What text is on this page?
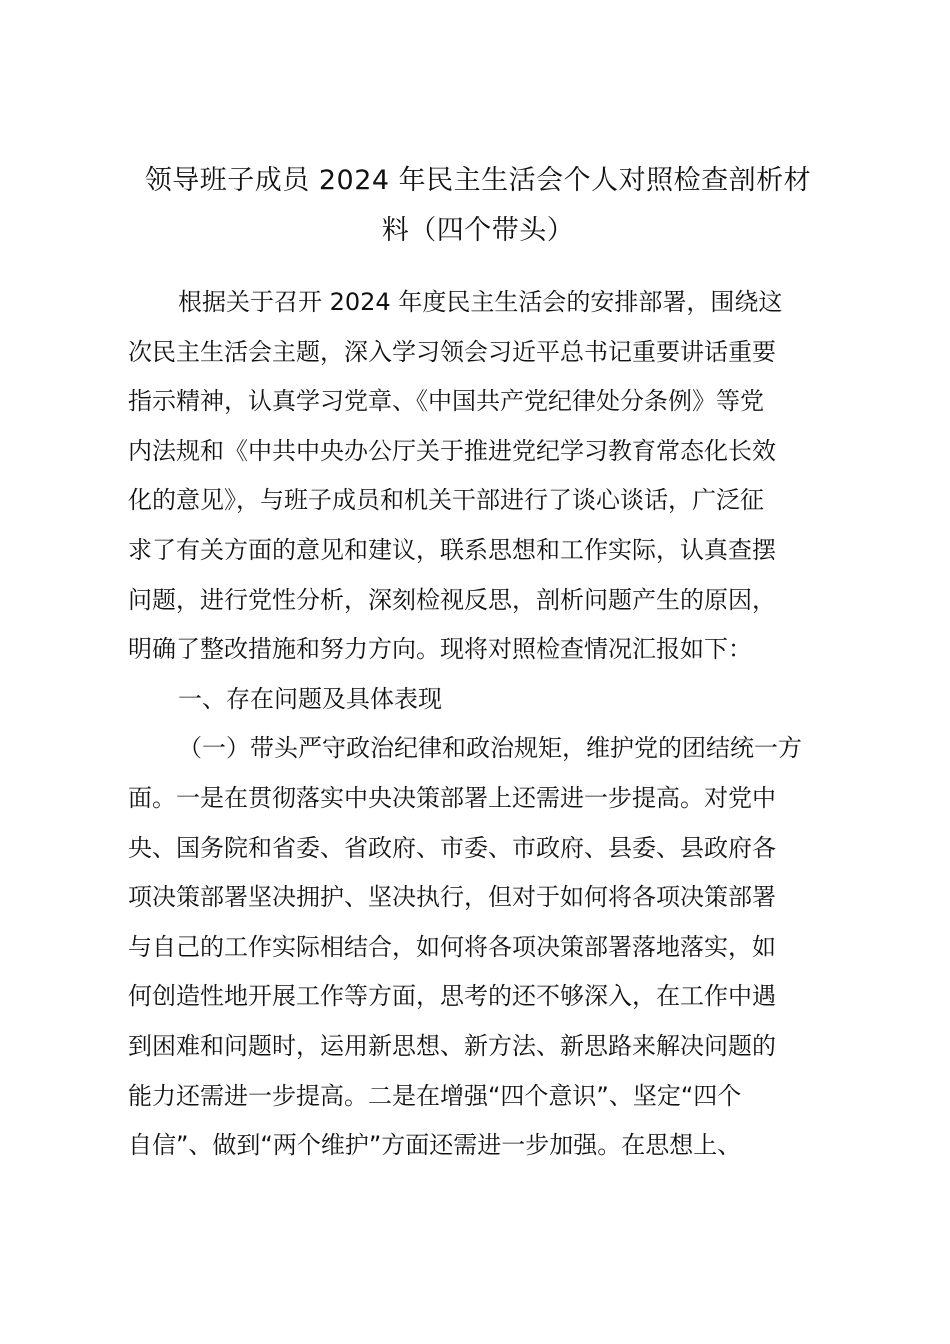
领导班子成员 2024 年民主生活会个人对照检查剖析材
料（四个带头）
根据关于召开 2024 年度民主生活会的安排部署，围绕这
次民主生活会主题，深入学习领会习近平总书记重要讲话重要
指示精神，认真学习党章、《中国共产党纪律处分条例》等党
内法规和《中共中央办公厅关于推进党纪学习教育常态化长效
化的意见》，与班子成员和机关干部进行了谈心谈话，广泛征
求了有关方面的意见和建议，联系思想和工作实际，认真查摆
问题，进行党性分析，深刻检视反思，剖析问题产生的原因，
明确了整改措施和努力方向。现将对照检查情况汇报如下：
一、存在问题及具体表现
（一）带头严守政治纪律和政治规矩，维护党的团结统一方
面。一是在贯彻落实中央决策部署上还需进一步提高。对党中
央、国务院和省委、省政府、市委、市政府、县委、县政府各
项决策部署坚决拥护、坚决执行，但对于如何将各项决策部署
与自己的工作实际相结合，如何将各项决策部署落地落实，如
何创造性地开展工作等方面，思考的还不够深入，在工作中遇
到困难和问题时，运用新思想、新方法、新思路来解决问题的
能力还需进一步提高。二是在增强“四个意识”、坚定“四个
自信”、做到“两个维护”方面还需进一步加强。在思想上、
